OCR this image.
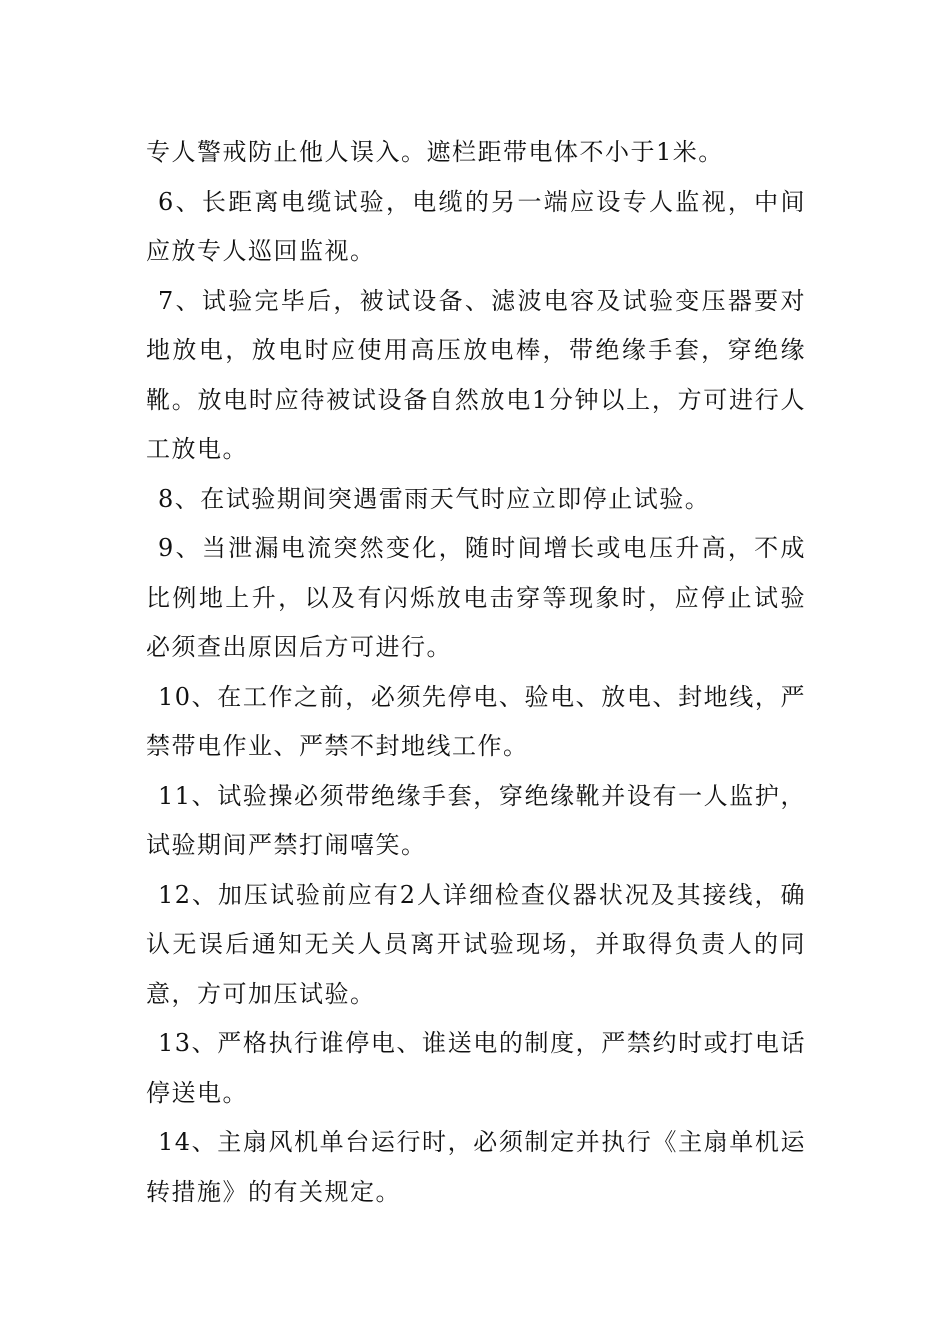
专人警戒防止他人误入。遮栏距带电体不小于1米。

6、长距离电缆试验，电缆的另一端应设专人监视，中间应放专人巡回监视。

7、试验完毕后，被试设备、滤波电容及试验变压器要对地放电，放电时应使用高压放电棒，带绝缘手套，穿绝缘靴。放电时应待被试设备自然放电1分钟以上，方可进行人工放电。

8、在试验期间突遇雷雨天气时应立即停止试验。

9、当泄漏电流突然变化，随时间增长或电压升高，不成比例地上升，以及有闪烁放电击穿等现象时，应停止试验必须查出原因后方可进行。

10、在工作之前，必须先停电、验电、放电、封地线，严禁带电作业、严禁不封地线工作。

11、试验操必须带绝缘手套，穿绝缘靴并设有一人监护，试验期间严禁打闹嘻笑。

12、加压试验前应有2人详细检查仪器状况及其接线，确认无误后通知无关人员离开试验现场，并取得负责人的同意，方可加压试验。

13、严格执行谁停电、谁送电的制度，严禁约时或打电话停送电。

14、主扇风机单台运行时，必须制定并执行《主扇单机运转措施》的有关规定。
